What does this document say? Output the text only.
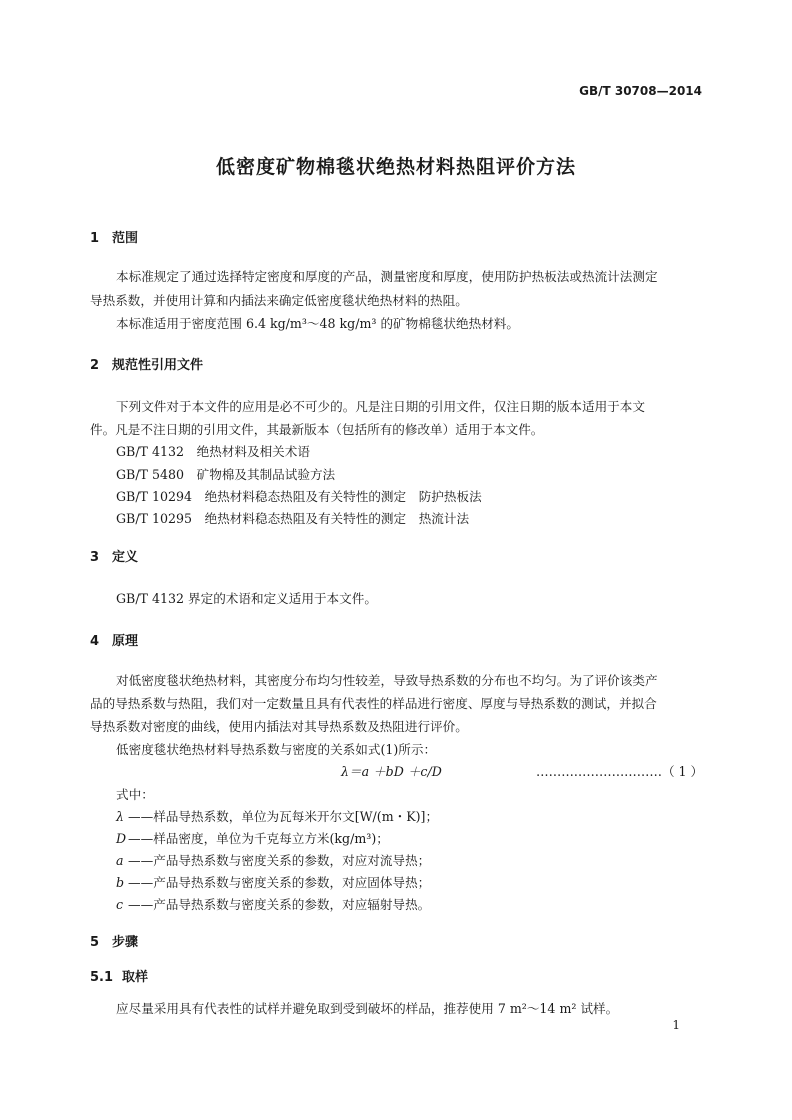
GB/T 30708—2014
低密度矿物棉毯状绝热材料热阻评价方法
1 范围
本标准规定了通过选择特定密度和厚度的产品，测量密度和厚度，使用防护热板法或热流计法测定
导热系数，并使用计算和内插法来确定低密度毯状绝热材料的热阻。
本标准适用于密度范围 6.4 kg/m³～48 kg/m³ 的矿物棉毯状绝热材料。
2 规范性引用文件
下列文件对于本文件的应用是必不可少的。凡是注日期的引用文件，仅注日期的版本适用于本文
件。凡是不注日期的引用文件，其最新版本（包括所有的修改单）适用于本文件。
GB/T 4132　绝热材料及相关术语
GB/T 5480　矿物棉及其制品试验方法
GB/T 10294　绝热材料稳态热阻及有关特性的测定　防护热板法
GB/T 10295　绝热材料稳态热阻及有关特性的测定　热流计法
3 定义
GB/T 4132 界定的术语和定义适用于本文件。
4 原理
对低密度毯状绝热材料，其密度分布均匀性较差，导致导热系数的分布也不均匀。为了评价该类产
品的导热系数与热阻，我们对一定数量且具有代表性的样品进行密度、厚度与导热系数的测试，并拟合
导热系数对密度的曲线，使用内插法对其导热系数及热阻进行评价。
低密度毯状绝热材料导热系数与密度的关系如式(1)所示：
λ＝a ＋bD ＋c/D	…………………………（ 1 ）
式中：
λ ——样品导热系数，单位为瓦每米开尔文[W/(m・K)]；
D ——样品密度，单位为千克每立方米(kg/m³)；
a ——产品导热系数与密度关系的参数，对应对流导热；
b ——产品导热系数与密度关系的参数，对应固体导热；
c ——产品导热系数与密度关系的参数，对应辐射导热。
5 步骤
5.1 取样
应尽量采用具有代表性的试样并避免取到受到破坏的样品，推荐使用 7 m²～14 m² 试样。
1
